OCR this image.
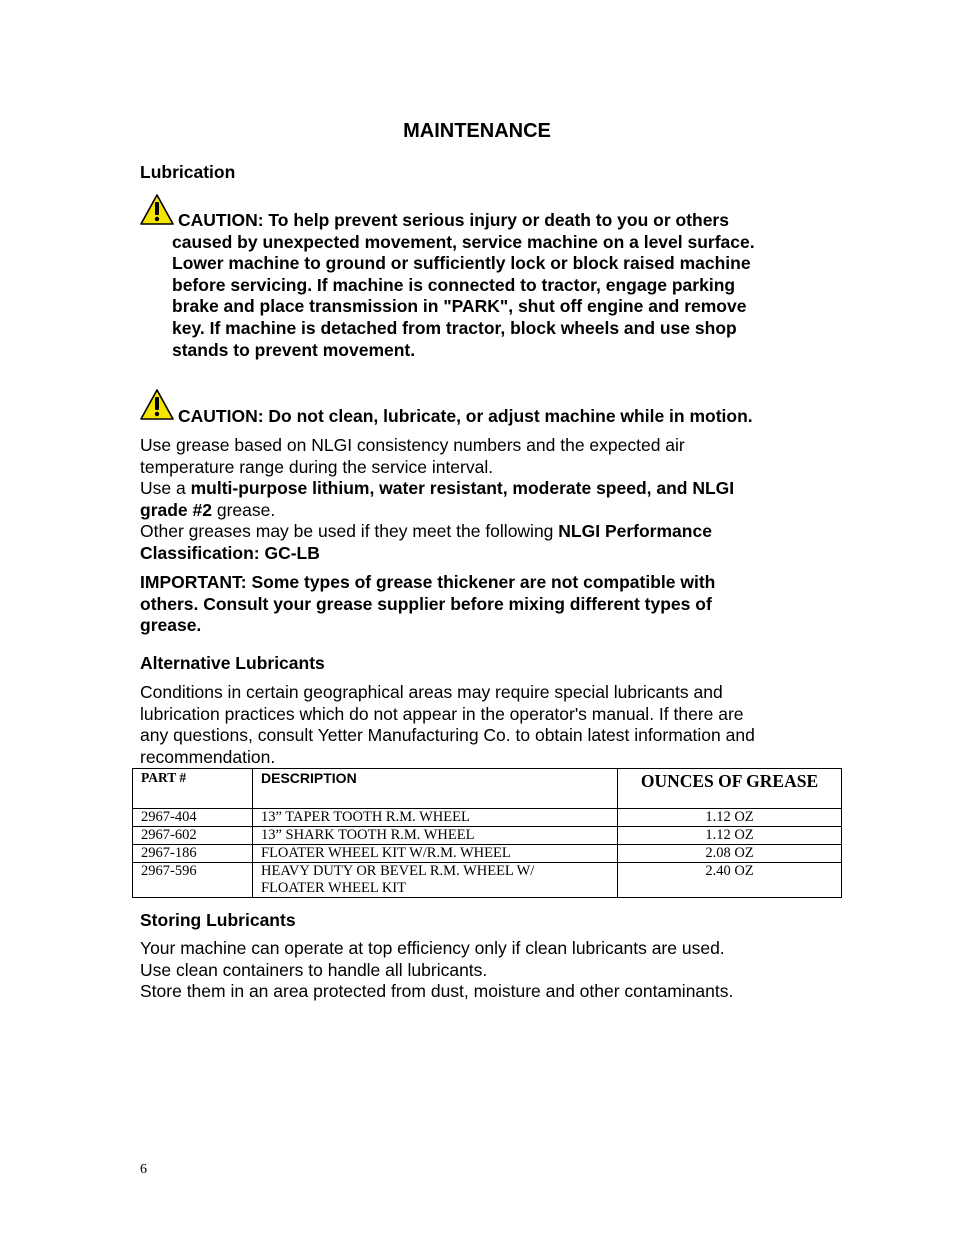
MAINTENANCE
Lubrication
CAUTION: To help prevent serious injury or death to you or others
caused by unexpected movement, service machine on a level surface.
Lower machine to ground or sufficiently lock or block raised machine
before servicing. If machine is connected to tractor, engage parking
brake and place transmission in "PARK", shut off engine and remove
key. If machine is detached from tractor, block wheels and use shop
stands to prevent movement.
CAUTION: Do not clean, lubricate, or adjust machine while in motion.
Use grease based on NLGI consistency numbers and the expected air
temperature range during the service interval.
Use a multi-purpose lithium, water resistant, moderate speed, and NLGI
grade #2 grease.
Other greases may be used if they meet the following NLGI Performance
Classification: GC-LB
IMPORTANT: Some types of grease thickener are not compatible with
others. Consult your grease supplier before mixing different types of
grease.
Alternative Lubricants
Conditions in certain geographical areas may require special lubricants and
lubrication practices which do not appear in the operator's manual. If there are
any questions, consult Yetter Manufacturing Co. to obtain latest information and
recommendation.
PART #	DESCRIPTION	OUNCES OF GREASE
2967-404	13” TAPER TOOTH R.M. WHEEL	1.12 OZ
2967-602	13” SHARK TOOTH R.M. WHEEL	1.12 OZ
2967-186	FLOATER WHEEL KIT W/R.M. WHEEL	2.08 OZ
2967-596	HEAVY DUTY OR BEVEL R.M. WHEEL W/
FLOATER WHEEL KIT	2.40 OZ
Storing Lubricants
Your machine can operate at top efficiency only if clean lubricants are used.
Use clean containers to handle all lubricants.
Store them in an area protected from dust, moisture and other contaminants.
6
